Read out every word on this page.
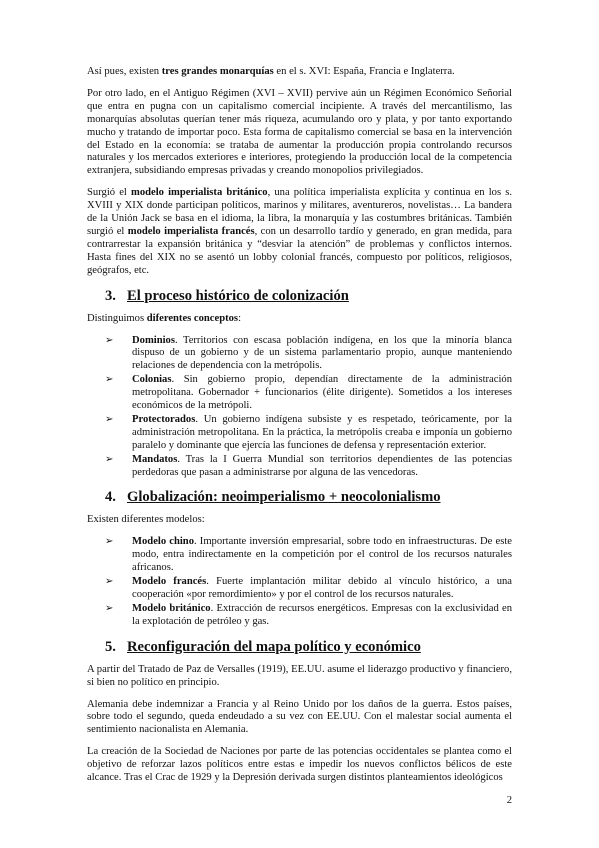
Así pues, existen tres grandes monarquías en el s. XVI: España, Francia e Inglaterra.

Por otro lado, en el Antiguo Régimen (XVI – XVII) pervive aún un Régimen Económico Señorial que entra en pugna con un capitalismo comercial incipiente. A través del mercantilismo, las monarquías absolutas querían tener más riqueza, acumulando oro y plata, y por tanto exportando mucho y tratando de importar poco. Esta forma de capitalismo comercial se basa en la intervención del Estado en la economía: se trataba de aumentar la producción propia controlando recursos naturales y los mercados exteriores e interiores, protegiendo la producción local de la competencia extranjera, subsidiando empresas privadas y creando monopolios privilegiados.

Surgió el modelo imperialista británico, una política imperialista explícita y continua en los s. XVIII y XIX donde participan políticos, marinos y militares, aventureros, novelistas… La bandera de la Unión Jack se basa en el idioma, la libra, la monarquía y las costumbres británicas. También surgió el modelo imperialista francés, con un desarrollo tardío y generado, en gran medida, para contrarrestar la expansión británica y “desviar la atención” de problemas y conflictos internos. Hasta fines del XIX no se asentó un lobby colonial francés, compuesto por políticos, religiosos, geógrafos, etc.

3. El proceso histórico de colonización

Distinguimos diferentes conceptos:

➢ Dominios. Territorios con escasa población indígena, en los que la minoría blanca dispuso de un gobierno y de un sistema parlamentario propio, aunque manteniendo relaciones de dependencia con la metrópolis.
➢ Colonias. Sin gobierno propio, dependían directamente de la administración metropolitana. Gobernador + funcionarios (élite dirigente). Sometidos a los intereses económicos de la metrópoli.
➢ Protectorados. Un gobierno indígena subsiste y es respetado, teóricamente, por la administración metropolitana. En la práctica, la metrópolis creaba e imponía un gobierno paralelo y dominante que ejercía las funciones de defensa y representación exterior.
➢ Mandatos. Tras la I Guerra Mundial son territorios dependientes de las potencias perdedoras que pasan a administrarse por alguna de las vencedoras.
4. Globalización: neoimperialismo + neocolonialismo

Existen diferentes modelos:

➢ Modelo chino. Importante inversión empresarial, sobre todo en infraestructuras. De este modo, entra indirectamente en la competición por el control de los recursos naturales africanos.
➢ Modelo francés. Fuerte implantación militar debido al vínculo histórico, a una cooperación «por remordimiento» y por el control de los recursos naturales.
➢ Modelo británico. Extracción de recursos energéticos. Empresas con la exclusividad en la explotación de petróleo y gas.
5. Reconfiguración del mapa político y económico

A partir del Tratado de Paz de Versalles (1919), EE.UU. asume el liderazgo productivo y financiero, si bien no político en principio.

Alemania debe indemnizar a Francia y al Reino Unido por los daños de la guerra. Estos países, sobre todo el segundo, queda endeudado a su vez con EE.UU. Con el malestar social aumenta el sentimiento nacionalista en Alemania.

La creación de la Sociedad de Naciones por parte de las potencias occidentales se plantea como el objetivo de reforzar lazos políticos entre estas e impedir los nuevos conflictos bélicos de este alcance. Tras el Crac de 1929 y la Depresión derivada surgen distintos planteamientos ideológicos

2
